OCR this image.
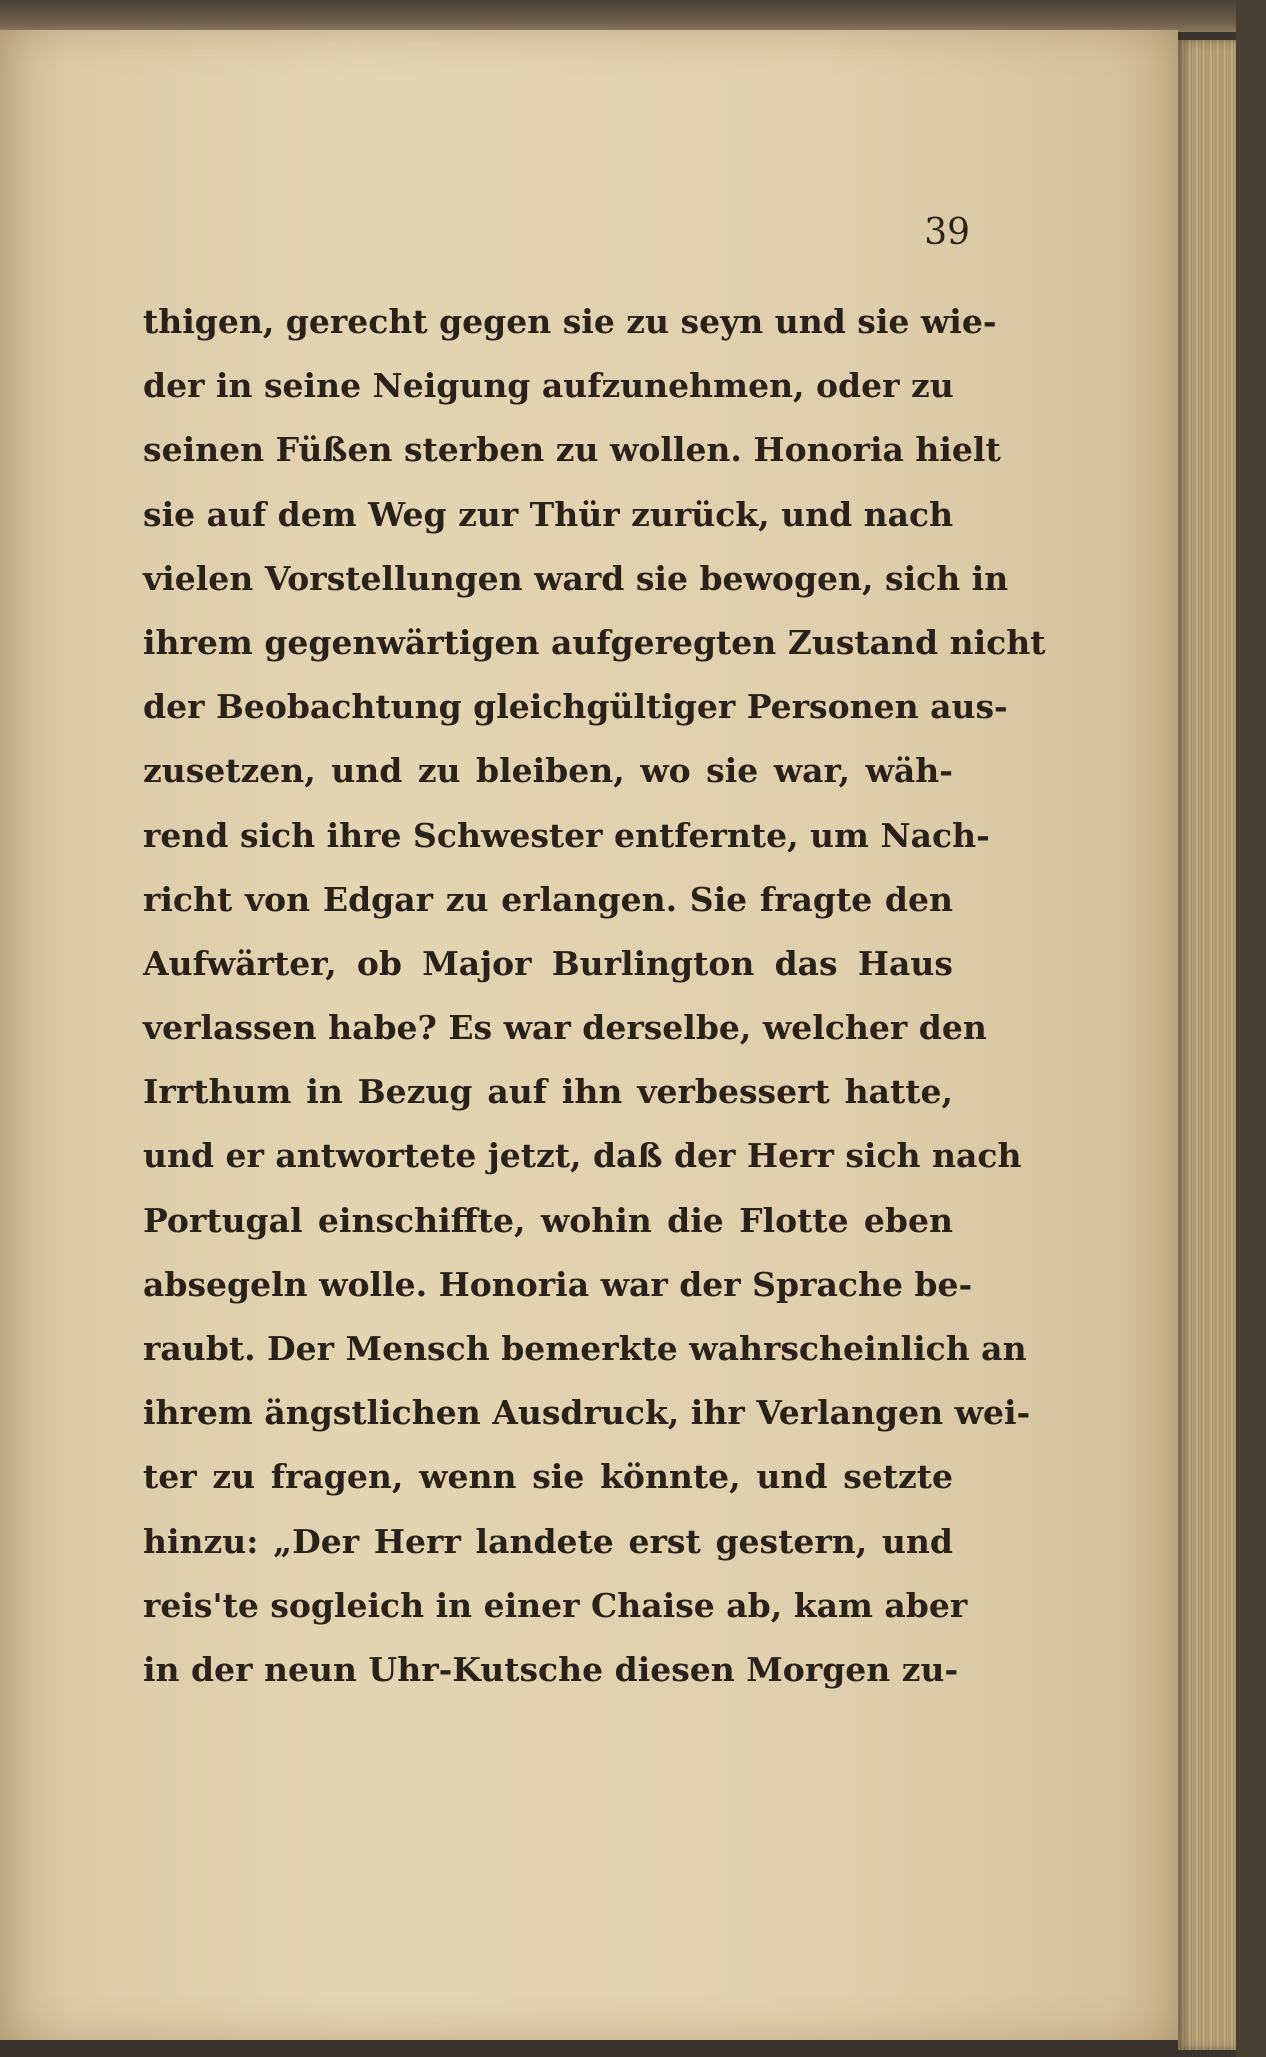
39
thigen, gerecht gegen sie zu seyn und sie wie-
der in seine Neigung aufzunehmen, oder zu
seinen Füßen sterben zu wollen. Honoria hielt
sie auf dem Weg zur Thür zurück, und nach
vielen Vorstellungen ward sie bewogen, sich in
ihrem gegenwärtigen aufgeregten Zustand nicht
der Beobachtung gleichgültiger Personen aus-
zusetzen, und zu bleiben, wo sie war, wäh-
rend sich ihre Schwester entfernte, um Nach-
richt von Edgar zu erlangen. Sie fragte den
Aufwärter, ob Major Burlington das Haus
verlassen habe? Es war derselbe, welcher den
Irrthum in Bezug auf ihn verbessert hatte,
und er antwortete jetzt, daß der Herr sich nach
Portugal einschiffte, wohin die Flotte eben
absegeln wolle. Honoria war der Sprache be-
raubt. Der Mensch bemerkte wahrscheinlich an
ihrem ängstlichen Ausdruck, ihr Verlangen wei-
ter zu fragen, wenn sie könnte, und setzte
hinzu: „Der Herr landete erst gestern, und
reis'te sogleich in einer Chaise ab, kam aber
in der neun Uhr-Kutsche diesen Morgen zu-
